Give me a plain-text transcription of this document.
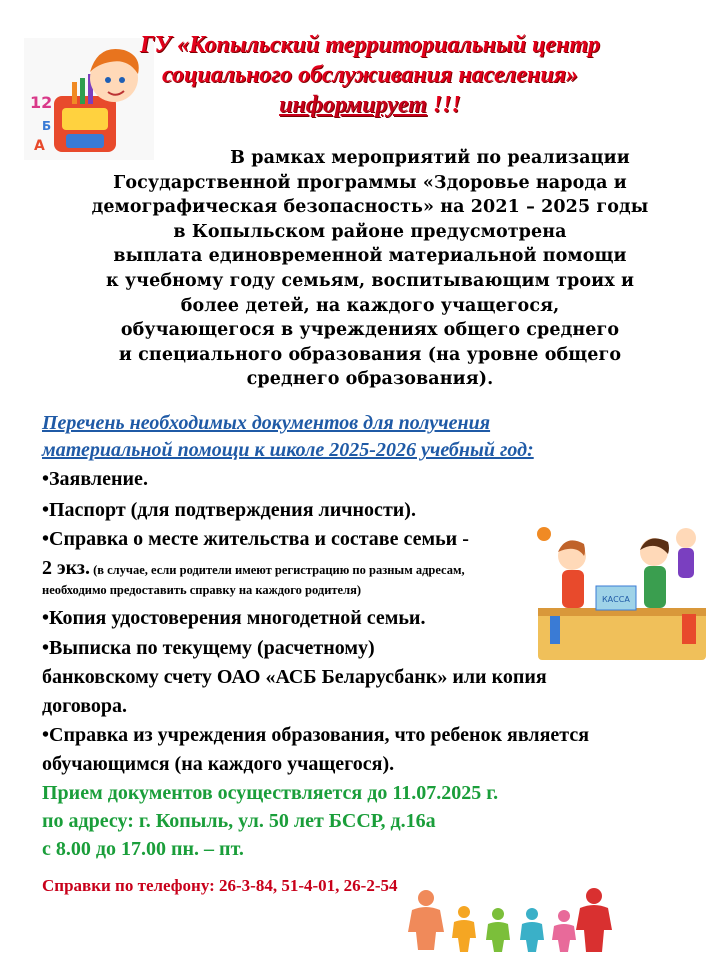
12
A
Б
ГУ «Копыльский территориальный центр
социального обслуживания населения»
информирует !!!
В рамках мероприятий по реализации
Государственной программы «Здоровье народа и
демографическая безопасность» на 2021 – 2025 годы
в Копыльском районе предусмотрена
выплата единовременной материальной помощи
к учебному году семьям, воспитывающим троих и
более детей, на каждого учащегося,
обучающегося в учреждениях общего среднего
и специального образования (на уровне общего
среднего образования).
Перечень необходимых документов для получения
материальной помощи к школе 2025-2026 учебный год:
КАССА
•Заявление.
•Паспорт (для подтверждения личности).
•Справка о месте жительства и составе семьи -
2 экз. (в случае, если родители имеют регистрацию по разным адресам,
необходимо предоставить справку на каждого родителя)
•Копия удостоверения многодетной семьи.
•Выписка по текущему (расчетному)
банковскому счету ОАО «АСБ Беларусбанк» или копия
договора.
•Справка из учреждения образования, что ребенок является
обучающимся (на каждого учащегося).
Прием документов осуществляется до 11.07.2025 г.
по адресу: г. Копыль, ул. 50 лет БССР, д.16а
с 8.00 до 17.00 пн. – пт.
Справки по телефону: 26-3-84, 51-4-01, 26-2-54
